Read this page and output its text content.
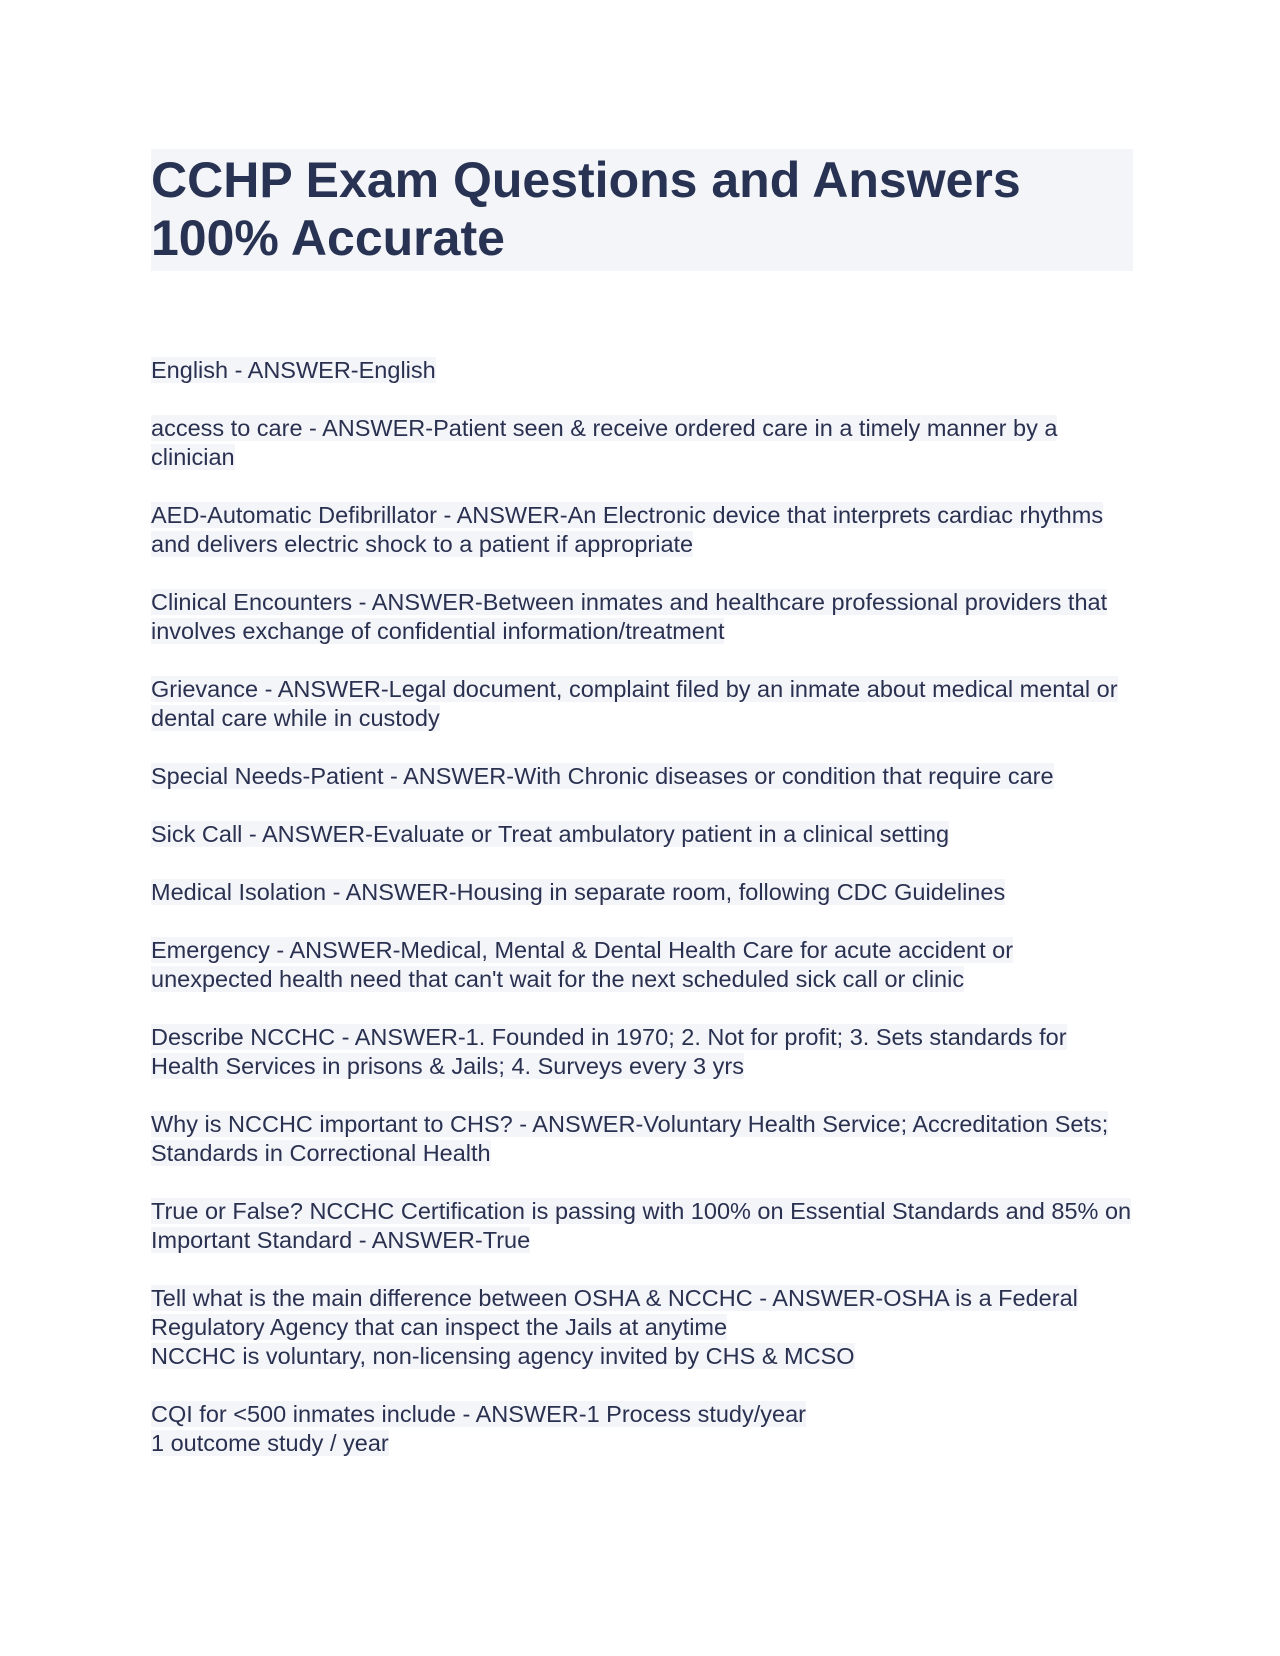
CCHP Exam Questions and Answers 100% Accurate

English - ANSWER-English

access to care - ANSWER-Patient seen & receive ordered care in a timely manner by a clinician

AED-Automatic Defibrillator - ANSWER-An Electronic device that interprets cardiac rhythms and delivers electric shock to a patient if appropriate

Clinical Encounters - ANSWER-Between inmates and healthcare professional providers that involves exchange of confidential information/treatment

Grievance - ANSWER-Legal document, complaint filed by an inmate about medical mental or dental care while in custody

Special Needs-Patient - ANSWER-With Chronic diseases or condition that require care

Sick Call - ANSWER-Evaluate or Treat ambulatory patient in a clinical setting

Medical Isolation - ANSWER-Housing in separate room, following CDC Guidelines

Emergency - ANSWER-Medical, Mental & Dental Health Care for acute accident or unexpected health need that can't wait for the next scheduled sick call or clinic

Describe NCCHC - ANSWER-1. Founded in 1970; 2. Not for profit; 3. Sets standards for Health Services in prisons & Jails; 4. Surveys every 3 yrs

Why is NCCHC important to CHS? - ANSWER-Voluntary Health Service; Accreditation Sets; Standards in Correctional Health

True or False? NCCHC Certification is passing with 100% on Essential Standards and 85% on Important Standard - ANSWER-True

Tell what is the main difference between OSHA & NCCHC - ANSWER-OSHA is a Federal Regulatory Agency that can inspect the Jails at anytime
NCCHC is voluntary, non-licensing agency invited by CHS & MCSO

CQI for <500 inmates include - ANSWER-1 Process study/year
1 outcome study / year
